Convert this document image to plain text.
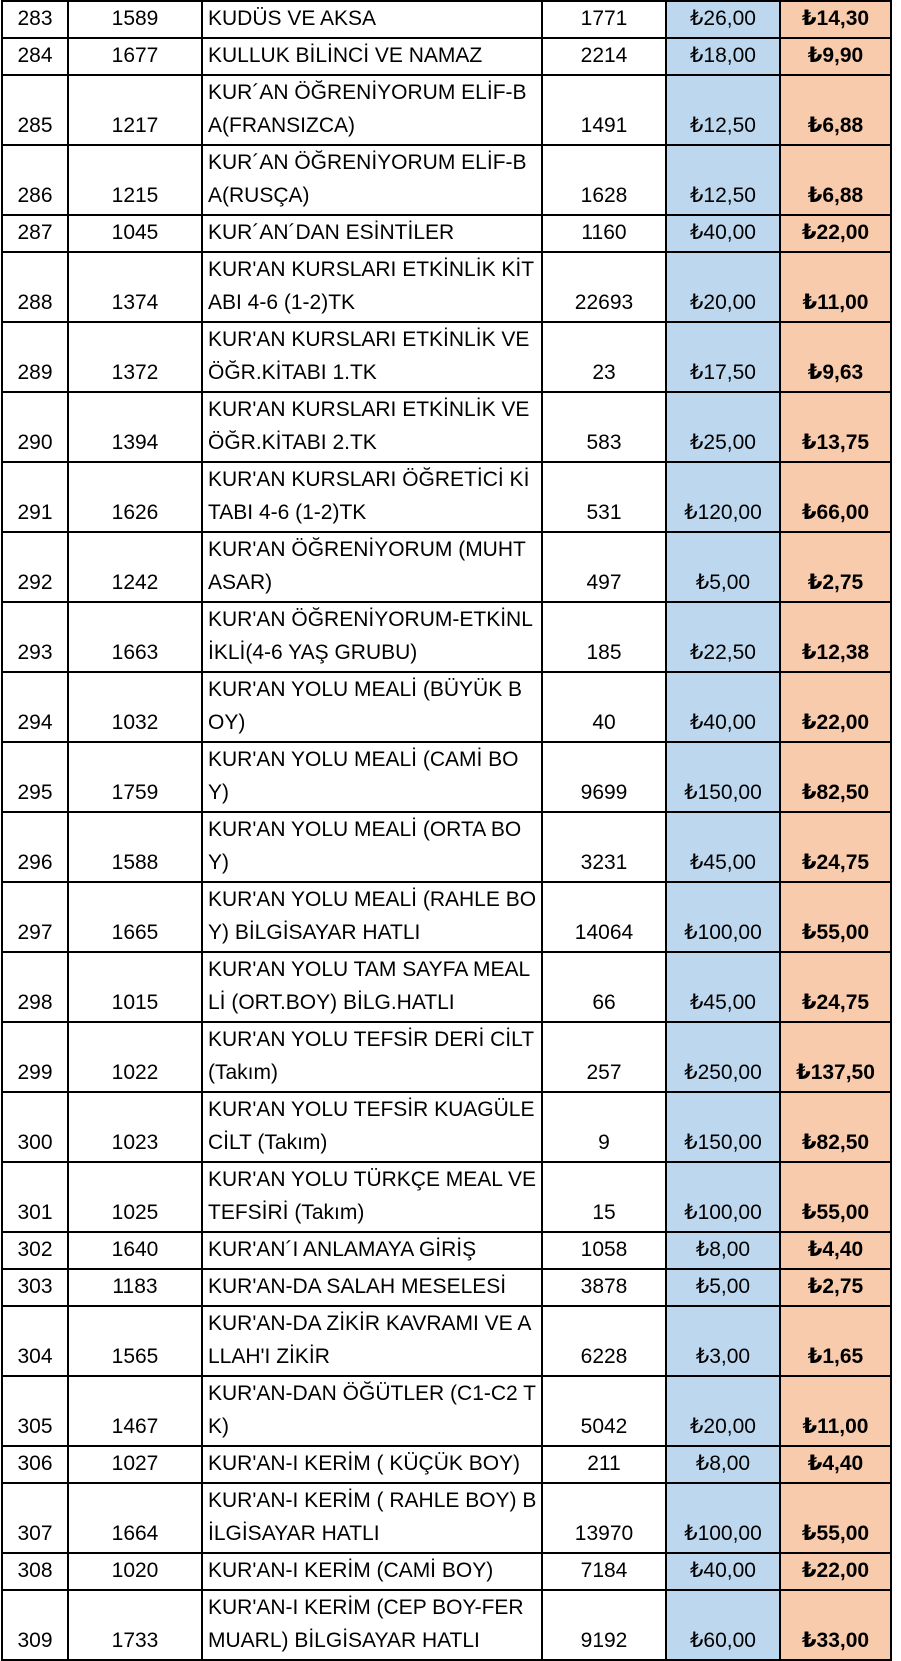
283	1589	KUDÜS VE AKSA	1771	₺26,00	₺14,30
284	1677	KULLUK BİLİNCİ VE NAMAZ	2214	₺18,00	₺9,90
285	1217	KUR´AN ÖĞRENİYORUM ELİF-BA(FRANSIZCA)	1491	₺12,50	₺6,88
286	1215	KUR´AN ÖĞRENİYORUM ELİF-BA(RUSÇA)	1628	₺12,50	₺6,88
287	1045	KUR´AN´DAN ESİNTİLER	1160	₺40,00	₺22,00
288	1374	KUR'AN KURSLARI ETKİNLİK KİTABI 4-6 (1-2)TK	22693	₺20,00	₺11,00
289	1372	KUR'AN KURSLARI ETKİNLİK VE ÖĞR.KİTABI 1.TK	23	₺17,50	₺9,63
290	1394	KUR'AN KURSLARI ETKİNLİK VE ÖĞR.KİTABI 2.TK	583	₺25,00	₺13,75
291	1626	KUR'AN KURSLARI ÖĞRETİCİ KİTABI 4-6 (1-2)TK	531	₺120,00	₺66,00
292	1242	KUR'AN ÖĞRENİYORUM (MUHTASAR)	497	₺5,00	₺2,75
293	1663	KUR'AN ÖĞRENİYORUM-ETKİNLİKLİ(4-6 YAŞ GRUBU)	185	₺22,50	₺12,38
294	1032	KUR'AN YOLU MEALİ (BÜYÜK BOY)	40	₺40,00	₺22,00
295	1759	KUR'AN YOLU MEALİ (CAMİ BOY)	9699	₺150,00	₺82,50
296	1588	KUR'AN YOLU MEALİ (ORTA BOY)	3231	₺45,00	₺24,75
297	1665	KUR'AN YOLU MEALİ (RAHLE BOY) BİLGİSAYAR HATLI	14064	₺100,00	₺55,00
298	1015	KUR'AN YOLU TAM SAYFA MEALLİ (ORT.BOY) BİLG.HATLI	66	₺45,00	₺24,75
299	1022	KUR'AN YOLU TEFSİR DERİ CİLT (Takım)	257	₺250,00	₺137,50
300	1023	KUR'AN YOLU TEFSİR KUAGÜLE CİLT (Takım)	9	₺150,00	₺82,50
301	1025	KUR'AN YOLU TÜRKÇE MEAL VE TEFSİRİ (Takım)	15	₺100,00	₺55,00
302	1640	KUR'AN´I ANLAMAYA GİRİŞ	1058	₺8,00	₺4,40
303	1183	KUR'AN-DA SALAH MESELESİ	3878	₺5,00	₺2,75
304	1565	KUR'AN-DA ZİKİR KAVRAMI VE ALLAH'I ZİKİR	6228	₺3,00	₺1,65
305	1467	KUR'AN-DAN ÖĞÜTLER (C1-C2 TK)	5042	₺20,00	₺11,00
306	1027	KUR'AN-I KERİM ( KÜÇÜK BOY)	211	₺8,00	₺4,40
307	1664	KUR'AN-I KERİM ( RAHLE BOY) BİLGİSAYAR HATLI	13970	₺100,00	₺55,00
308	1020	KUR'AN-I KERİM (CAMİ BOY)	7184	₺40,00	₺22,00
309	1733	KUR'AN-I KERİM (CEP BOY-FERMUARL) BİLGİSAYAR HATLI	9192	₺60,00	₺33,00
